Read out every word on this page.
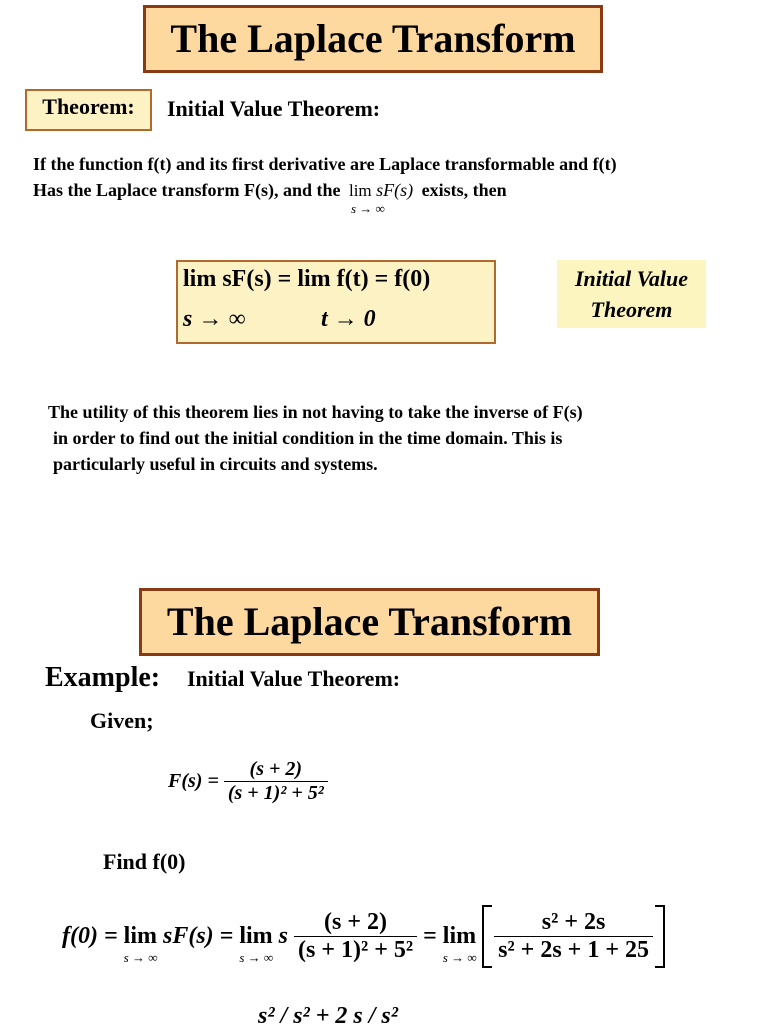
The Laplace Transform
Theorem:	Initial Value Theorem:
If the function f(t) and its first derivative are Laplace transformable and f(t)
Has the Laplace transform F(s), and the lim sF(s)
s → ∞
exists, then
lim sF(s) = lim f(t) = f(0)
s → ∞	t → 0
Initial Value
Theorem
The utility of this theorem lies in not having to take the inverse of F(s)
in order to find out the initial condition in the time domain. This is
particularly useful in circuits and systems.
The Laplace Transform
Example: Initial Value Theorem:
Given;
$F(s) = \frac{(s + 2)}{\text{(s + 1)² + 5²}}$
Find f(0)
f(0) = lim
s → ∞
sF(s) = lim
s → ∞
s $\frac{(s + 2)}{\text{(s + 1)² + 5²}} = \lim$
s → ∞
$\frac{\text{s² + 2s}}{\text{s² + 2s + 1 + 25}}$
s² / s² + 2 s / s²
